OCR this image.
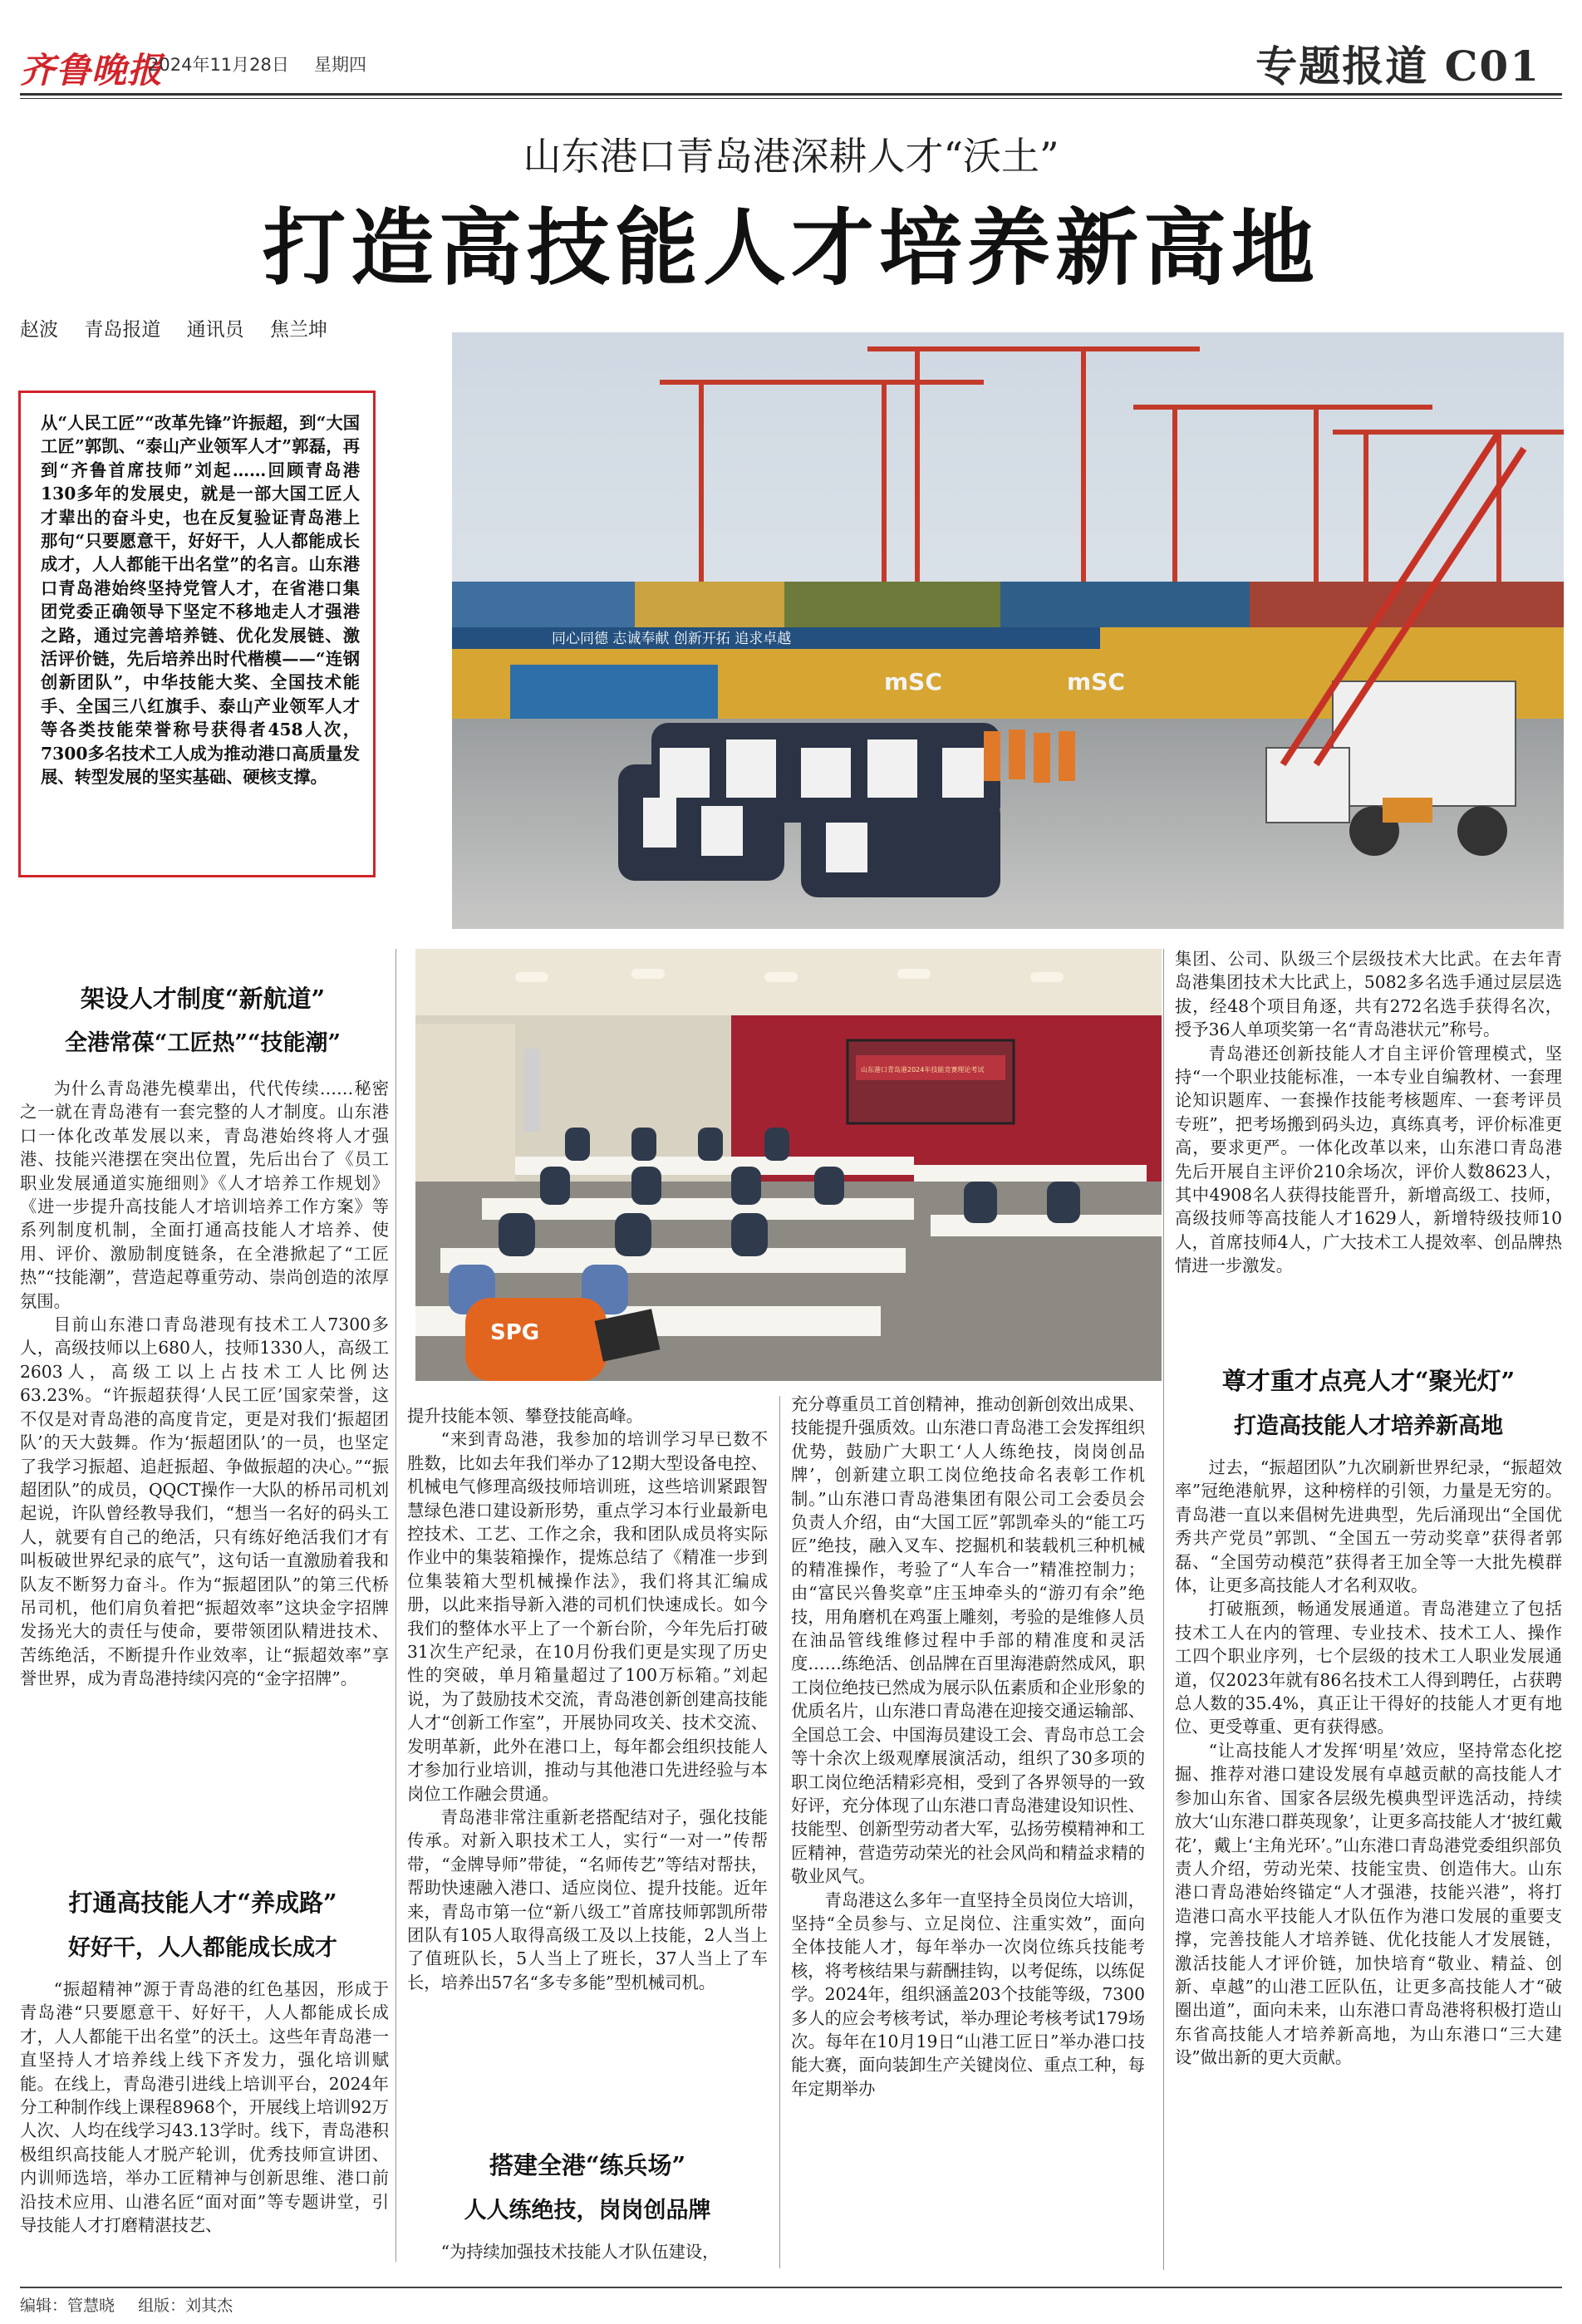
齐鲁晚报
2024年11月28日 星期四	专题报道 C01
山东港口青岛港深耕人才“沃土”
打造高技能人才培养新高地
赵波 青岛报道 通讯员 焦兰坤
从“人民工匠”“改革先锋”许振超，到“大国工匠”郭凯、“泰山产业领军人才”郭磊，再到“齐鲁首席技师”刘起……回顾青岛港130多年的发展史，就是一部大国工匠人才辈出的奋斗史，也在反复验证青岛港上那句“只要愿意干，好好干，人人都能成长成才，人人都能干出名堂”的名言。山东港口青岛港始终坚持党管人才，在省港口集团党委正确领导下坚定不移地走人才强港之路，通过完善培养链、优化发展链、激活评价链，先后培养出时代楷模——“连钢创新团队”，中华技能大奖、全国技术能手、全国三八红旗手、泰山产业领军人才等各类技能荣誉称号获得者458人次，7300多名技术工人成为推动港口高质量发展、转型发展的坚实基础、硬核支撑。
同心同德 志诚奉献 创新开拓 追求卓越
mSC	mSC
山东港口青岛港2024年技能竞赛理论考试
SPG
架设人才制度“新航道”
全港常葆“工匠热”“技能潮”

为什么青岛港先模辈出，代代传续……秘密之一就在青岛港有一套完整的人才制度。山东港口一体化改革发展以来，青岛港始终将人才强港、技能兴港摆在突出位置，先后出台了《员工职业发展通道实施细则》《人才培养工作规划》《进一步提升高技能人才培训培养工作方案》等系列制度机制，全面打通高技能人才培养、使用、评价、激励制度链条，在全港掀起了“工匠热”“技能潮”，营造起尊重劳动、崇尚创造的浓厚氛围。

目前山东港口青岛港现有技术工人7300多人，高级技师以上680人，技师1330人，高级工2603人，高级工以上占技术工人比例达63.23%。“许振超获得‘人民工匠’国家荣誉，这不仅是对青岛港的高度肯定，更是对我们‘振超团队’的天大鼓舞。作为‘振超团队’的一员，也坚定了我学习振超、追赶振超、争做振超的决心。”“振超团队”的成员，QQCT操作一大队的桥吊司机刘起说，许队曾经教导我们，“想当一名好的码头工人，就要有自己的绝活，只有练好绝活我们才有叫板破世界纪录的底气”，这句话一直激励着我和队友不断努力奋斗。作为“振超团队”的第三代桥吊司机，他们肩负着把“振超效率”这块金字招牌发扬光大的责任与使命，要带领团队精进技术、苦练绝活，不断提升作业效率，让“振超效率”享誉世界，成为青岛港持续闪亮的“金字招牌”。

打通高技能人才“养成路”
好好干，人人都能成长成才

“振超精神”源于青岛港的红色基因，形成于青岛港“只要愿意干、好好干，人人都能成长成才，人人都能干出名堂”的沃土。这些年青岛港一直坚持人才培养线上线下齐发力，强化培训赋能。在线上，青岛港引进线上培训平台，2024年分工种制作线上课程8968个，开展线上培训92万人次、人均在线学习43.13学时。线下，青岛港积极组织高技能人才脱产轮训，优秀技师宣讲团、内训师选培，举办工匠精神与创新思维、港口前沿技术应用、山港名匠“面对面”等专题讲堂，引导技能人才打磨精湛技艺、

提升技能本领、攀登技能高峰。

“来到青岛港，我参加的培训学习早已数不胜数，比如去年我们举办了12期大型设备电控、机械电气修理高级技师培训班，这些培训紧跟智慧绿色港口建设新形势，重点学习本行业最新电控技术、工艺、工作之余，我和团队成员将实际作业中的集装箱操作，提炼总结了《精准一步到位集装箱大型机械操作法》，我们将其汇编成册，以此来指导新入港的司机们快速成长。如今我们的整体水平上了一个新台阶，今年先后打破31次生产纪录，在10月份我们更是实现了历史性的突破，单月箱量超过了100万标箱。”刘起说，为了鼓励技术交流，青岛港创新创建高技能人才“创新工作室”，开展协同攻关、技术交流、发明革新，此外在港口上，每年都会组织技能人才参加行业培训，推动与其他港口先进经验与本岗位工作融会贯通。

青岛港非常注重新老搭配结对子，强化技能传承。对新入职技术工人，实行“一对一”传帮带，“金牌导师”带徒，“名师传艺”等结对帮扶，帮助快速融入港口、适应岗位、提升技能。近年来，青岛市第一位“新八级工”首席技师郭凯所带团队有105人取得高级工及以上技能，2人当上了值班队长，5人当上了班长，37人当上了车长，培养出57名“多专多能”型机械司机。

搭建全港“练兵场”
人人练绝技，岗岗创品牌

“为持续加强技术技能人才队伍建设，

充分尊重员工首创精神，推动创新创效出成果、技能提升强质效。山东港口青岛港工会发挥组织优势，鼓励广大职工‘人人练绝技，岗岗创品牌’，创新建立职工岗位绝技命名表彰工作机制。”山东港口青岛港集团有限公司工会委员会负责人介绍，由“大国工匠”郭凯牵头的“能工巧匠”绝技，融入叉车、挖掘机和装载机三种机械的精准操作，考验了“人车合一”精准控制力；由“富民兴鲁奖章”庄玉坤牵头的“游刃有余”绝技，用角磨机在鸡蛋上雕刻，考验的是维修人员在油品管线维修过程中手部的精准度和灵活度……练绝活、创品牌在百里海港蔚然成风，职工岗位绝技已然成为展示队伍素质和企业形象的优质名片，山东港口青岛港在迎接交通运输部、全国总工会、中国海员建设工会、青岛市总工会等十余次上级观摩展演活动，组织了30多项的职工岗位绝活精彩亮相，受到了各界领导的一致好评，充分体现了山东港口青岛港建设知识性、技能型、创新型劳动者大军，弘扬劳模精神和工匠精神，营造劳动荣光的社会风尚和精益求精的敬业风气。

青岛港这么多年一直坚持全员岗位大培训，坚持“全员参与、立足岗位、注重实效”，面向全体技能人才，每年举办一次岗位练兵技能考核，将考核结果与薪酬挂钩，以考促练，以练促学。2024年，组织涵盖203个技能等级，7300多人的应会考核考试，举办理论考核考试179场次。每年在10月19日“山港工匠日”举办港口技能大赛，面向装卸生产关键岗位、重点工种，每年定期举办

集团、公司、队级三个层级技术大比武。在去年青岛港集团技术大比武上，5082多名选手通过层层选拔，经48个项目角逐，共有272名选手获得名次，授予36人单项奖第一名“青岛港状元”称号。

青岛港还创新技能人才自主评价管理模式，坚持“一个职业技能标准，一本专业自编教材、一套理论知识题库、一套操作技能考核题库、一套考评员专班”，把考场搬到码头边，真练真考，评价标准更高，要求更严。一体化改革以来，山东港口青岛港先后开展自主评价210余场次，评价人数8623人，其中4908名人获得技能晋升，新增高级工、技师，高级技师等高技能人才1629人，新增特级技师10人，首席技师4人，广大技术工人提效率、创品牌热情进一步激发。

尊才重才点亮人才“聚光灯”
打造高技能人才培养新高地

过去，“振超团队”九次刷新世界纪录，“振超效率”冠绝港航界，这种榜样的引领，力量是无穷的。青岛港一直以来倡树先进典型，先后涌现出“全国优秀共产党员”郭凯、“全国五一劳动奖章”获得者郭磊、“全国劳动模范”获得者王加全等一大批先模群体，让更多高技能人才名利双收。

打破瓶颈，畅通发展通道。青岛港建立了包括技术工人在内的管理、专业技术、技术工人、操作工四个职业序列，七个层级的技术工人职业发展通道，仅2023年就有86名技术工人得到聘任，占获聘总人数的35.4%，真正让干得好的技能人才更有地位、更受尊重、更有获得感。

“让高技能人才发挥‘明星’效应，坚持常态化挖掘、推荐对港口建设发展有卓越贡献的高技能人才参加山东省、国家各层级先模典型评选活动，持续放大‘山东港口群英现象’，让更多高技能人才‘披红戴花’，戴上‘主角光环’。”山东港口青岛港党委组织部负责人介绍，劳动光荣、技能宝贵、创造伟大。山东港口青岛港始终锚定“人才强港，技能兴港”，将打造港口高水平技能人才队伍作为港口发展的重要支撑，完善技能人才培养链、优化技能人才发展链，激活技能人才评价链，加快培育“敬业、精益、创新、卓越”的山港工匠队伍，让更多高技能人才“破圈出道”，面向未来，山东港口青岛港将积极打造山东省高技能人才培养新高地，为山东港口“三大建设”做出新的更大贡献。

编辑：管慧晓 组版：刘其杰
